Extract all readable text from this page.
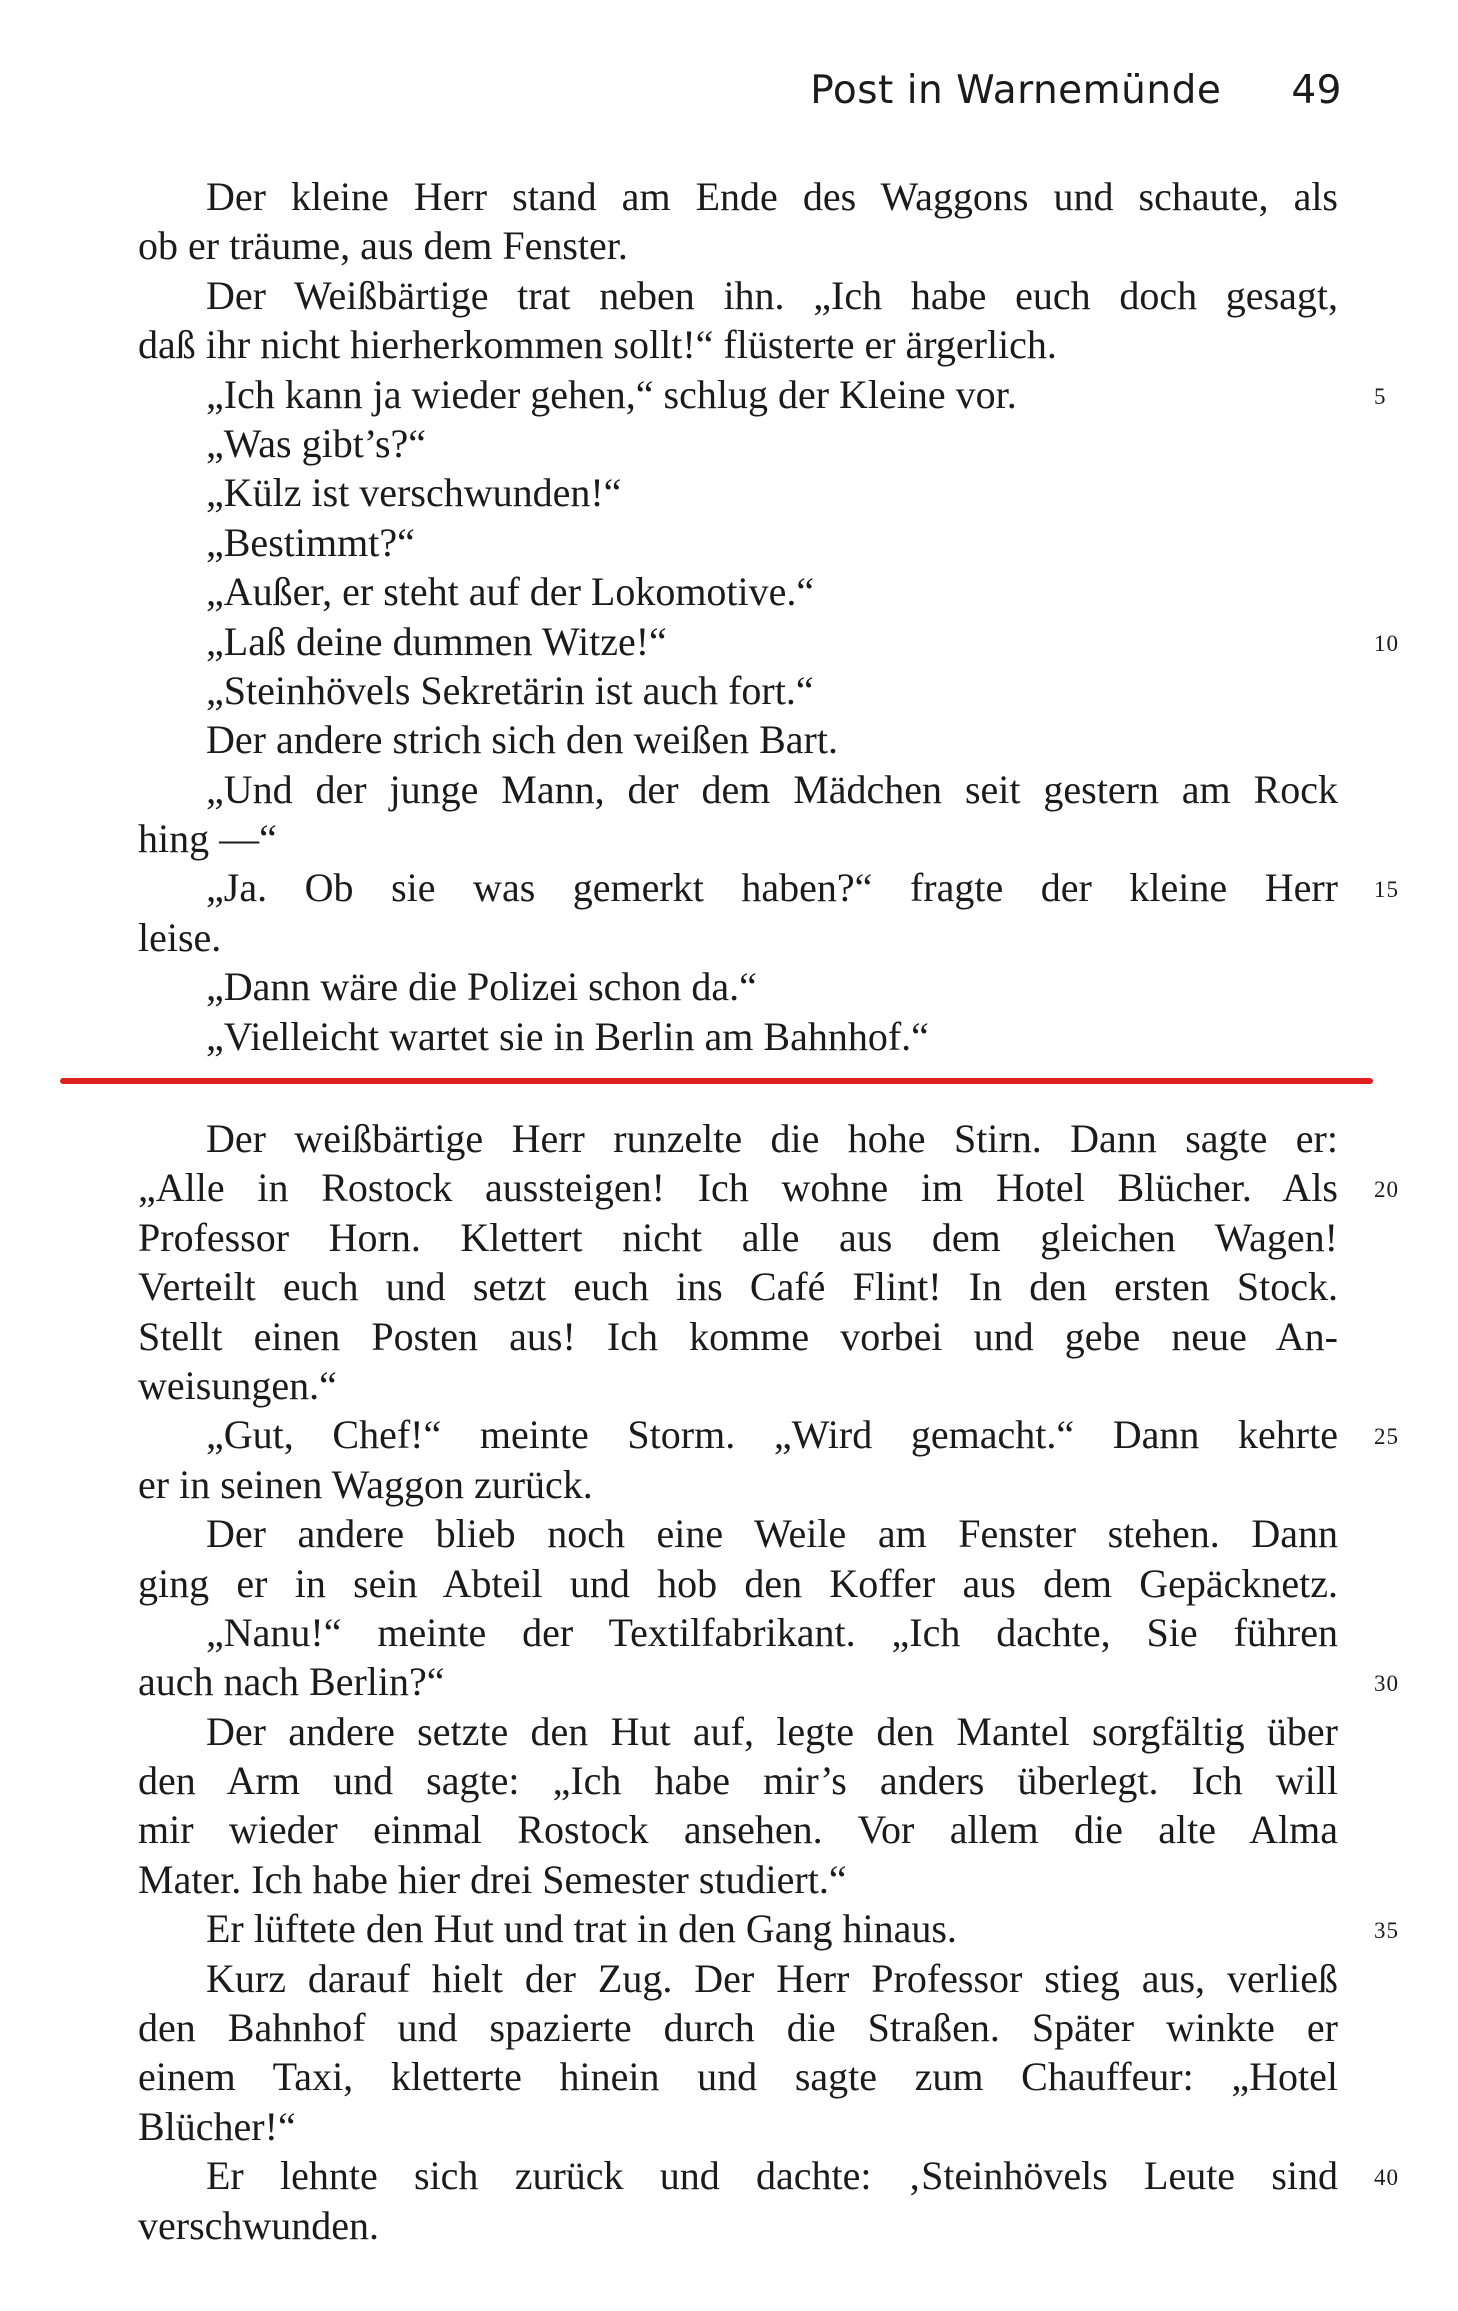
Post in Warnemünde 49
Der kleine Herr stand am Ende des Waggons und schaute, als
ob er träume, aus dem Fenster.
Der Weißbärtige trat neben ihn. „Ich habe euch doch gesagt,
daß ihr nicht hierherkommen sollt!“ flüsterte er ärgerlich.
„Ich kann ja wieder gehen,“ schlug der Kleine vor.	5
„Was gibt’s?“
„Külz ist verschwunden!“
„Bestimmt?“
„Außer, er steht auf der Lokomotive.“
„Laß deine dummen Witze!“	10
„Steinhövels Sekretärin ist auch fort.“
Der andere strich sich den weißen Bart.
„Und der junge Mann, der dem Mädchen seit gestern am Rock
hing —“
„Ja. Ob sie was gemerkt haben?“ fragte der kleine Herr 15
leise.
„Dann wäre die Polizei schon da.“
„Vielleicht wartet sie in Berlin am Bahnhof.“
Der weißbärtige Herr runzelte die hohe Stirn. Dann sagte er:
„Alle in Rostock aussteigen! Ich wohne im Hotel Blücher. Als 20
Professor Horn. Klettert nicht alle aus dem gleichen Wagen!
Verteilt euch und setzt euch ins Café Flint! In den ersten Stock.
Stellt einen Posten aus! Ich komme vorbei und gebe neue An-
weisungen.“
„Gut, Chef!“ meinte Storm. „Wird gemacht.“ Dann kehrte 25
er in seinen Waggon zurück.
Der andere blieb noch eine Weile am Fenster stehen. Dann
ging er in sein Abteil und hob den Koffer aus dem Gepäcknetz.
„Nanu!“ meinte der Textilfabrikant. „Ich dachte, Sie führen
auch nach Berlin?“	30
Der andere setzte den Hut auf, legte den Mantel sorgfältig über
den Arm und sagte: „Ich habe mir’s anders überlegt. Ich will
mir wieder einmal Rostock ansehen. Vor allem die alte Alma
Mater. Ich habe hier drei Semester studiert.“
Er lüftete den Hut und trat in den Gang hinaus.	35
Kurz darauf hielt der Zug. Der Herr Professor stieg aus, verließ
den Bahnhof und spazierte durch die Straßen. Später winkte er
einem Taxi, kletterte hinein und sagte zum Chauffeur: „Hotel
Blücher!“
Er lehnte sich zurück und dachte: ‚Steinhövels Leute sind 40
verschwunden.
